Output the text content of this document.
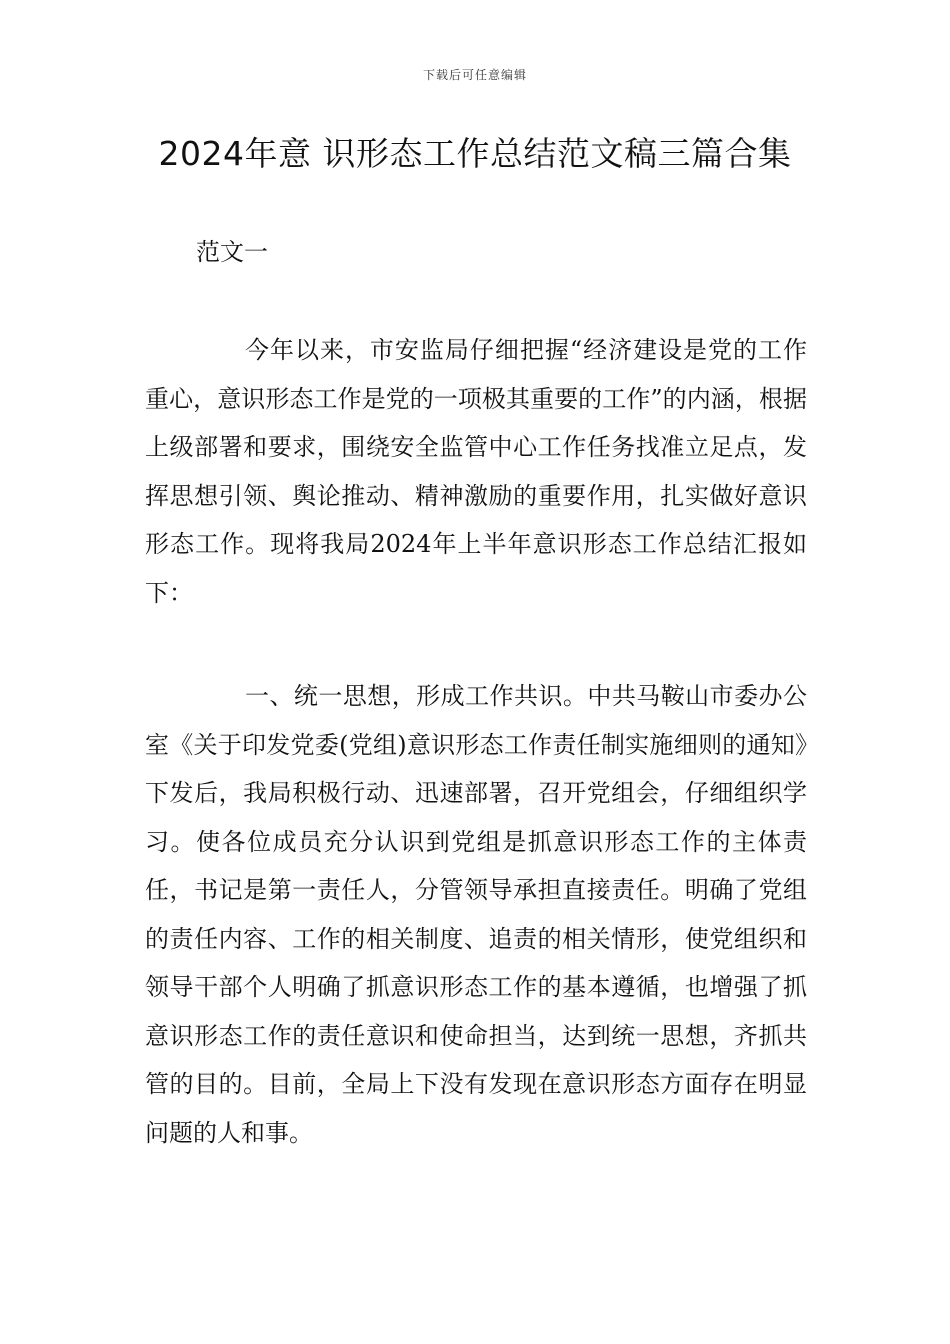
下载后可任意编辑
2024年意 识形态工作总结范文稿三篇合集

范文一

今年以来，市安监局仔细把握“经济建设是党的工作重心，意识形态工作是党的一项极其重要的工作”的内涵，根据上级部署和要求，围绕安全监管中心工作任务找准立足点，发挥思想引领、舆论推动、精神激励的重要作用，扎实做好意识形态工作。现将我局2024年上半年意识形态工作总结汇报如下：

一、统一思想，形成工作共识。中共马鞍山市委办公室《关于印发党委(党组)意识形态工作责任制实施细则的通知》下发后，我局积极行动、迅速部署，召开党组会，仔细组织学习。使各位成员充分认识到党组是抓意识形态工作的主体责任，书记是第一责任人，分管领导承担直接责任。明确了党组的责任内容、工作的相关制度、追责的相关情形，使党组织和领导干部个人明确了抓意识形态工作的基本遵循，也增强了抓意识形态工作的责任意识和使命担当，达到统一思想，齐抓共管的目的。目前，全局上下没有发现在意识形态方面存在明显问题的人和事。
